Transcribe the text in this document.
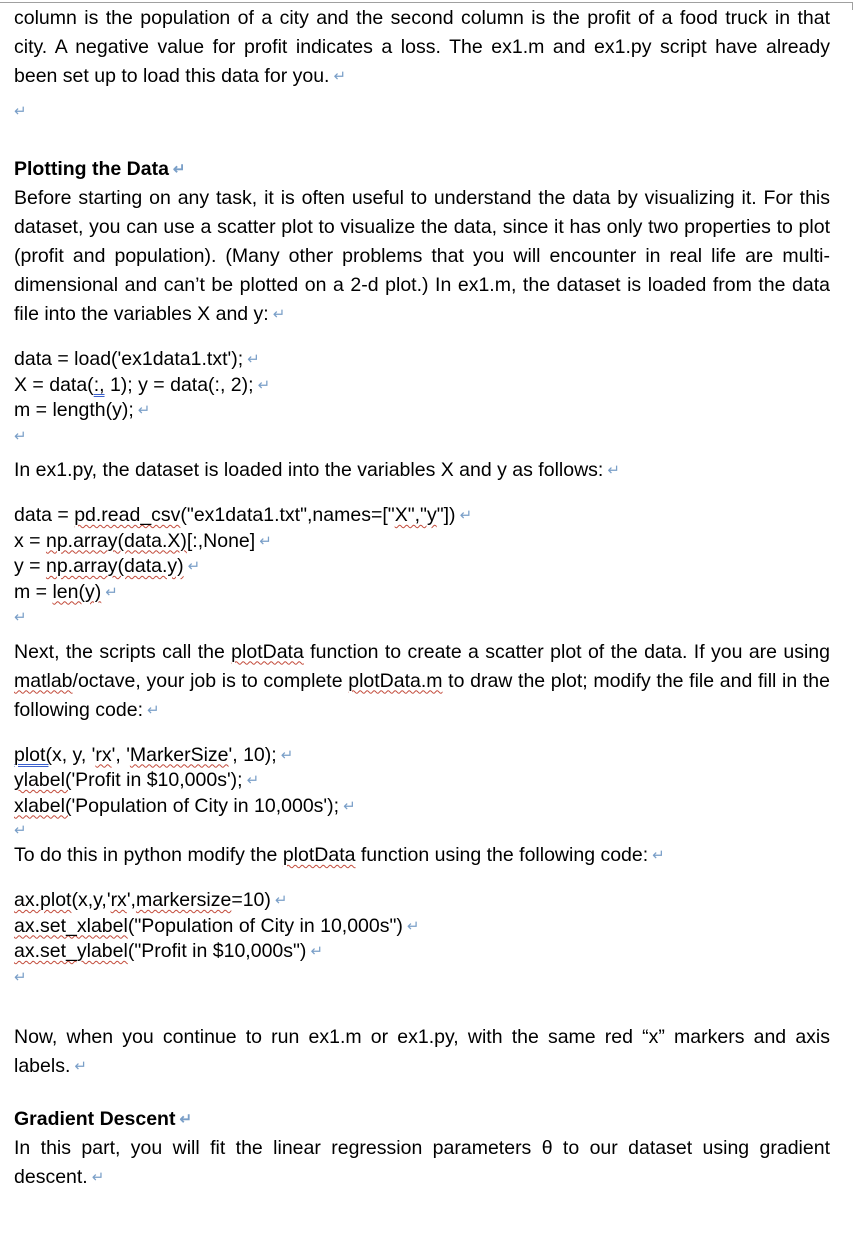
column is the population of a city and the second column is the profit of a food truck in that city. A negative value for profit indicates a loss. The ex1.m and ex1.py script have already been set up to load this data for you. ↵

↵

Plotting the Data ↵

Before starting on any task, it is often useful to understand the data by visualizing it. For this dataset, you can use a scatter plot to visualize the data, since it has only two properties to plot (profit and population). (Many other problems that you will encounter in real life are multi-dimensional and can’t be plotted on a 2-d plot.) In ex1.m, the dataset is loaded from the data file into the variables X and y: ↵

data = load('ex1data1.txt'); ↵
X = data(:, 1); y = data(:, 2); ↵
m = length(y); ↵
↵

In ex1.py, the dataset is loaded into the variables X and y as follows: ↵

data = pd.read_csv("ex1data1.txt",names=["X","y"]) ↵
x = np.array(data.X)[:,None] ↵
y = np.array(data.y) ↵
m = len(y) ↵
↵

Next, the scripts call the plotData function to create a scatter plot of the data. If you are using matlab/octave, your job is to complete plotData.m to draw the plot; modify the file and fill in the following code: ↵

plot(x, y, 'rx', 'MarkerSize', 10); ↵
ylabel('Profit in $10,000s'); ↵
xlabel('Population of City in 10,000s'); ↵
↵

To do this in python modify the plotData function using the following code: ↵

ax.plot(x,y,'rx',markersize=10) ↵
ax.set_xlabel("Population of City in 10,000s") ↵
ax.set_ylabel("Profit in $10,000s") ↵
↵

Now, when you continue to run ex1.m or ex1.py, with the same red “x” markers and axis labels. ↵

Gradient Descent ↵

In this part, you will fit the linear regression parameters θ to our dataset using gradient descent. ↵
